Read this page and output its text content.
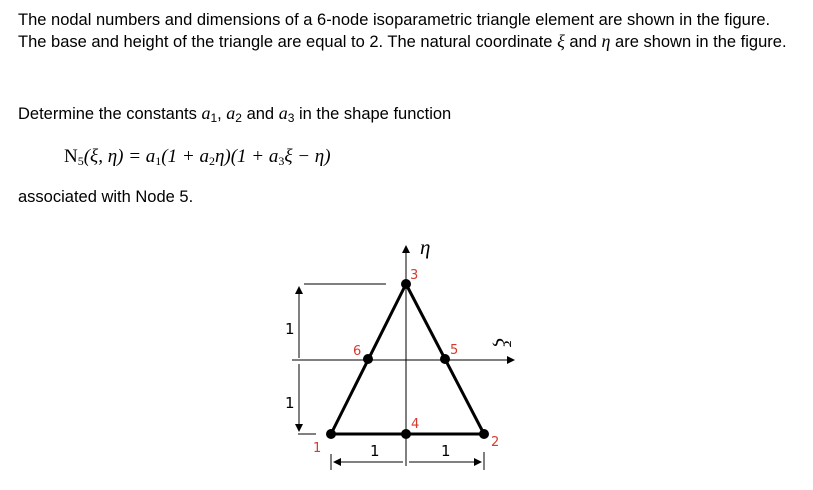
The nodal numbers and dimensions of a 6-node isoparametric triangle element are shown in the figure. The base and height of the triangle are equal to 2. The natural coordinate ξ and η are shown in the figure.

Determine the constants $a_1$, $a_2$ and $a_3$ in the shape function

$N_5(\xi$, $\eta) = a_1(1 + a_2\eta)(1 + a_3\xi - \eta)$

associated with Node 5.

1
1
1	1
1	2
3
4
5
6
η
ξ
